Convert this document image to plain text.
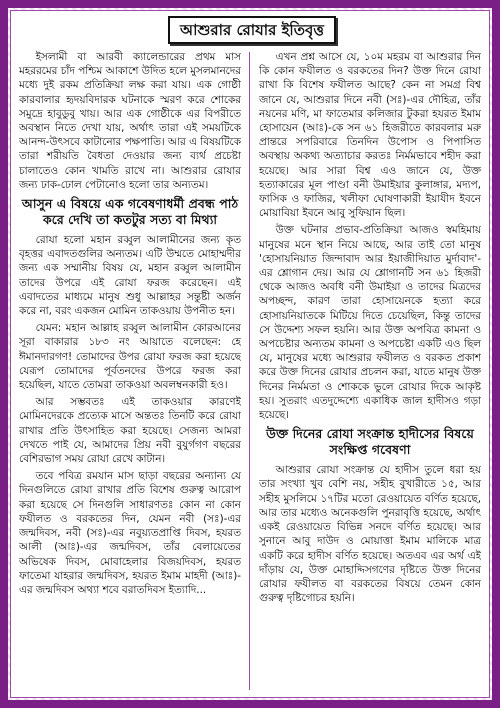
আশুরার রোযার ইতিবৃত্ত

ইসলামী বা আরবী ক্যালেন্ডারের প্রথম মাস মহররমের চাঁদ পশ্চিম আকাশে উদিত হলে মুসলমানদের মধ্যে দুই রকম প্রতিক্রিয়া লক্ষ করা যায়। এক গোষ্ঠী কারবালার হৃদয়বিদারক ঘটনাকে স্মরণ করে শোকের সমুদ্রে হাবুডুবু খায়। আর এক গোষ্ঠীকে এর বিপরীতে অবস্থান নিতে দেখা যায়, অর্থাৎ তারা এই সময়টিকে আনন্দ-উৎসবে কাটানোর পক্ষপাতি। আর এ বিষয়টিকে তারা শরীয়তি বৈধতা দেওয়ার জন্য ব্যর্থ প্রচেষ্টা চালাতেও কোন খামতি রাখে না। আশুরার রোযার জন্য ঢাক-ঢোল পেটানোও হলো তার অন্যতম।

আসুন এ বিষয়ে এক গবেষণাধর্মী প্রবন্ধ পাঠ করে দেখি তা কতটুর সত্য বা মিথ্যা

রোযা হলো মহান রব্বুল আলামীনের জন্য কৃত বৃহত্তর এবাদতগুলির অন্যতম। এটি উম্মতে মোহাম্মদীর জন্য এক সম্মানীয় বিষয় যে, মহান রব্বুল আলামীন তাদের উপরে এই রোযা ফরজ করেছেন। এই এবাদতের মাধ্যমে মানুষ শুধু আল্লাহর সন্তুষ্টী অর্জন করে না, বরং একজন মোমিন তাকওয়ায় উপনীত হন।

যেমন: মহান আল্লাহ রব্বুল আলামীন কোরআনের সূরা বাকারার ১৮৩ নং আয়াতে বলেছেন: হে ঈমানদারগণ! তোমাদের উপর রোযা ফরজ করা হয়েছে যেরূপ তোমাদের পূর্বতনদের উপরে ফরজ করা হয়েছিল, যাতে তোমরা তাকওয়া অবলম্বনকারী হও।

আর সম্ভবতঃ এই তাকওয়ার কারণেই মোমিনদেরকে প্রত্যেক মাসে অন্ততঃ তিনটি করে রোযা রাখার প্রতি উৎসাহিত করা হয়েছে। সেজন্য আমরা দেখতে পাই যে, আমাদের প্রিয় নবী বুযুর্গগণ বছরের বেশিরভাগ সময় রোযা রেখে কাটান।

তবে পবিত্র রমযান মাস ছাড়া বছরের অন্যান্য যে দিনগুলিতে রোযা রাখার প্রতি বিশেষ গুরুত্ব আরোপ করা হয়েছে সে দিনগুলি সাধারণতঃ কোন না কোন ফযীলত ও বরকতের দিন, যেমন নবী (সঃ)-এর জন্মদিবস, নবী (সঃ)-এর নবুয়্যতপ্রাপ্তি দিবস, হযরত আলী (আঃ)-এর জন্মদিবস, তাঁর বেলায়েতের অভিষেক দিবস, মোবাহেলার বিজয়দিবস, হযরত ফাতেমা যাহরার জন্মদিবস, হযরত ইমাম মাহদী (আঃ)-এর জন্মদিবস অথ্যা শবে বরাতদিবস ইত্যাদি...

এখন প্রশ্ন আসে যে, ১০ম মহরম বা আশুরার দিন কি কোন ফযীলত ও বরকতের দিন? উক্ত দিনে রোযা রাখা কি বিশেষ ফযীলত আছে? কেন না সমগ্র বিশ্ব জানে যে, আশুরার দিনে নবী (সঃ)-এর দৌহিত্র, তাঁর নয়নের মণি, মা ফাতেমার কলিজার টুকরা হযরত ইমাম হোসায়েন (আঃ)-কে সন ৬১ হিজরীতে কারবলার মরু প্রান্তরে সপরিবারে তিনদিন উপোস ও পিপাসিত অবস্থায় অকথ্য অত্যাচার করতঃ নির্মমভাবে শহীদ করা হয়েছে। আর সারা বিশ্ব এও জানে যে, উক্ত হত্যাকারের মূল পাণ্ডা বনী উমাইয়ার কুলাঙ্গার, মদ্যপ, ফাসিক ও ফাজির, খলীফা ঘোষণাকারী ইয়াযীদ ইবনে মোয়াবিয়া ইবনে আবু সুফিয়ান ছিল।

উক্ত ঘটনার প্রভাব-প্রতিক্রিয়া আজও স্বমহিমায় মানুষের মনে স্থান নিয়ে আছে, আর তাই তো মানুষ 'হোসায়নিয়াত জিন্দাবাদ আর ইয়াজীদিয়াত মুর্দাবাদ'-এর শ্লোগান দেয়। আর যে শ্লোগানটি সন ৬১ হিজরী থেকে আজও অবধি বনী উমাইয়া ও তাদের মিত্রদের অপচ্ছন্দ, কারণ তারা হোসায়েনকে হত্যা করে হোসায়নিয়াতকে মিটিয়ে দিতে চেয়েছিল, কিন্তু তাদের সে উদ্দেশ্য সফল হয়নি। আর উক্ত অপবিত্র কামনা ও অপচেষ্টার অন্যতম কামনা ও অপচেষ্টা একটি এও ছিল যে, মানুষের মধ্যে আশুরার ফযীলত ও বরকত প্রকাশ করে উক্ত দিনের রোযার প্রচলন করা, যাতে মানুষ উক্ত দিনের নির্মমতা ও শোককে ভুলে রোযার দিকে আকৃষ্ট হয়। সুতরাং এতদুদ্দেশ্যে একাধিক জাল হাদীসও গড়া হয়েছে।

উক্ত দিনের রোযা সংক্রান্ত হাদীসের বিষয়ে সংক্ষিপ্ত গবেষণা

আশুরার রোযা সংক্রান্ত যে হাদীস তুলে ধরা হয় তার সংখ্যা খুব বেশি নয়, সহীহ বুখারীতে ১৫, আর সহীহ মুসলিমে ১৭টির মতো রেওয়ায়েত বর্ণিত হয়েছে, আর তার মধ্যেও অনেকগুলি পুনরাবৃত্তি হয়েছে, অর্থাৎ একই রেওয়ায়েত বিভিন্ন সনদে বর্ণিত হয়েছে। আর সুনানে আবু দাউদ ও মোয়াত্তা ইমাম মালিকে মাত্র একটি করে হাদীস বর্ণিত হয়েছে। অতএব এর অর্থ এই দাঁড়ায় যে, উক্ত মোহাদ্দিসগণের দৃষ্টিতে উক্ত দিনের রোযার ফযীলত বা বরকতের বিষয়ে তেমন কোন গুরুত্ব দৃষ্টিগোচর হয়নি।
